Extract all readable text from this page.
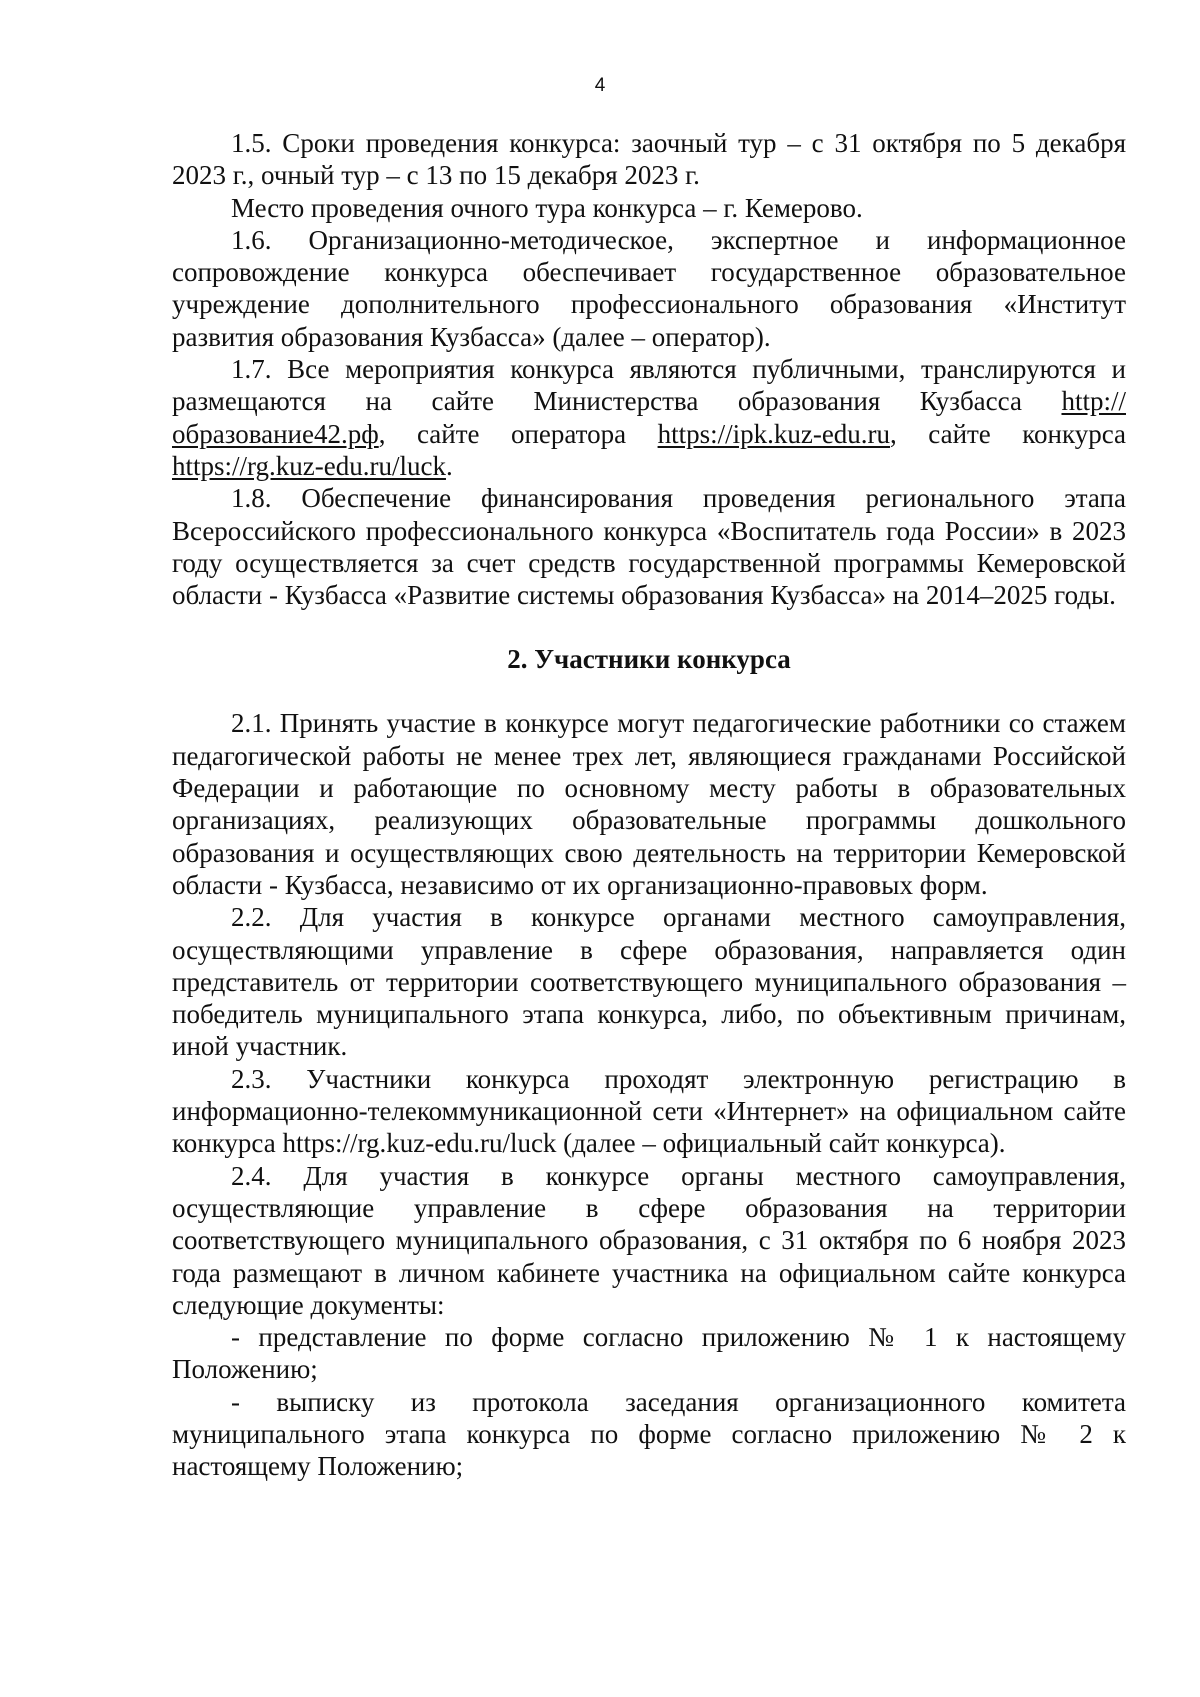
4

1.5. Сроки проведения конкурса: заочный тур – с 31 октября по 5 декабря 2023 г., очный тур – с 13 по 15 декабря 2023 г.

Место проведения очного тура конкурса – г. Кемерово.

1.6. Организационно-методическое, экспертное и информационное сопровождение конкурса обеспечивает государственное образовательное учреждение дополнительного профессионального образования «Институт развития образования Кузбасса» (далее – оператор).

1.7. Все мероприятия конкурса являются публичными, транслируются и размещаются на сайте Министерства образования Кузбасса http://образование42.рф, сайте оператора https://ipk.kuz-edu.ru, сайте конкурса https://rg.kuz-edu.ru/luck.

1.8. Обеспечение финансирования проведения регионального этапа Всероссийского профессионального конкурса «Воспитатель года России» в 2023 году осуществляется за счет средств государственной программы Кемеровской области - Кузбасса «Развитие системы образования Кузбасса» на 2014–2025 годы.

2. Участники конкурса

2.1. Принять участие в конкурсе могут педагогические работники со стажем педагогической работы не менее трех лет, являющиеся гражданами Российской Федерации и работающие по основному месту работы в образовательных организациях, реализующих образовательные программы дошкольного образования и осуществляющих свою деятельность на территории Кемеровской области - Кузбасса, независимо от их организационно-правовых форм.

2.2. Для участия в конкурсе органами местного самоуправления, осуществляющими управление в сфере образования, направляется один представитель от территории соответствующего муниципального образования – победитель муниципального этапа конкурса, либо, по объективным причинам, иной участник.

2.3. Участники конкурса проходят электронную регистрацию в информационно-телекоммуникационной сети «Интернет» на официальном сайте конкурса https://rg.kuz-edu.ru/luck (далее – официальный сайт конкурса).

2.4. Для участия в конкурсе органы местного самоуправления, осуществляющие управление в сфере образования на территории соответствующего муниципального образования, с 31 октября по 6 ноября 2023 года размещают в личном кабинете участника на официальном сайте конкурса следующие документы:

- представление по форме согласно приложению № 1 к настоящему Положению;

- выписку из протокола заседания организационного комитета муниципального этапа конкурса по форме согласно приложению № 2 к настоящему Положению;
